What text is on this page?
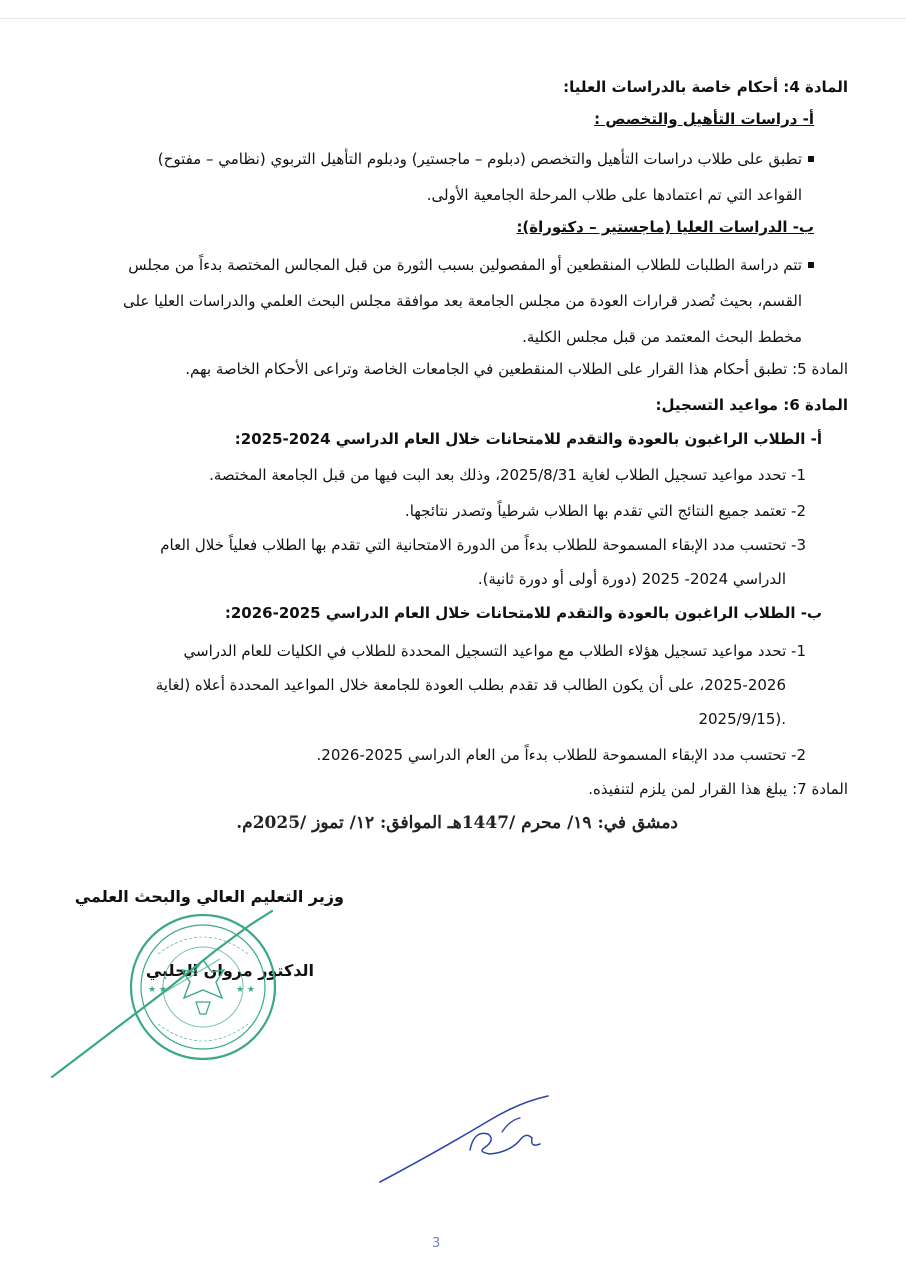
المادة 4: أحكام خاصة بالدراسات العليا:
أ- دراسات التأهيل والتخصص :
تطبق على طلاب دراسات التأهيل والتخصص (دبلوم – ماجستير) ودبلوم التأهيل التربوي (نظامي – مفتوح)
القواعد التي تم اعتمادها على طلاب المرحلة الجامعية الأولى.
ب- الدراسات العليا (ماجستير – دكتوراة):
تتم دراسة الطلبات للطلاب المنقطعين أو المفصولين بسبب الثورة من قبل المجالس المختصة بدءاً من مجلس
القسم، بحيث تُصدر قرارات العودة من مجلس الجامعة بعد موافقة مجلس البحث العلمي والدراسات العليا على
مخطط البحث المعتمد من قبل مجلس الكلية.
المادة 5: تطبق أحكام هذا القرار على الطلاب المنقطعين في الجامعات الخاصة وتراعى الأحكام الخاصة بهم.
المادة 6: مواعيد التسجيل:
أ- الطلاب الراغبون بالعودة والتقدم للامتحانات خلال العام الدراسي 2024-2025:
1- تحدد مواعيد تسجيل الطلاب لغاية 2025/8/31، وذلك بعد البت فيها من قبل الجامعة المختصة.
2- تعتمد جميع النتائج التي تقدم بها الطلاب شرطياً وتصدر نتائجها.
3- تحتسب مدد الإبقاء المسموحة للطلاب بدءاً من الدورة الامتحانية التي تقدم بها الطلاب فعلياً خلال العام
الدراسي 2024- 2025 (دورة أولى أو دورة ثانية).
ب- الطلاب الراغبون بالعودة والتقدم للامتحانات خلال العام الدراسي 2025-2026:
1- تحدد مواعيد تسجيل هؤلاء الطلاب مع مواعيد التسجيل المحددة للطلاب في الكليات للعام الدراسي
2025-2026، على أن يكون الطالب قد تقدم بطلب العودة للجامعة خلال المواعيد المحددة أعلاه (لغاية
2025/9/15).
2- تحتسب مدد الإبقاء المسموحة للطلاب بدءاً من العام الدراسي 2025-2026.
المادة 7: يبلغ هذا القرار لمن يلزم لتنفيذه.
دمشق في: ١٩/ محرم /1447هـ الموافق: ١٢/ تموز /2025م.
وزير التعليم العالي والبحث العلمي
الدكتور مروان الحلبي
★ ★	★ ★
3
